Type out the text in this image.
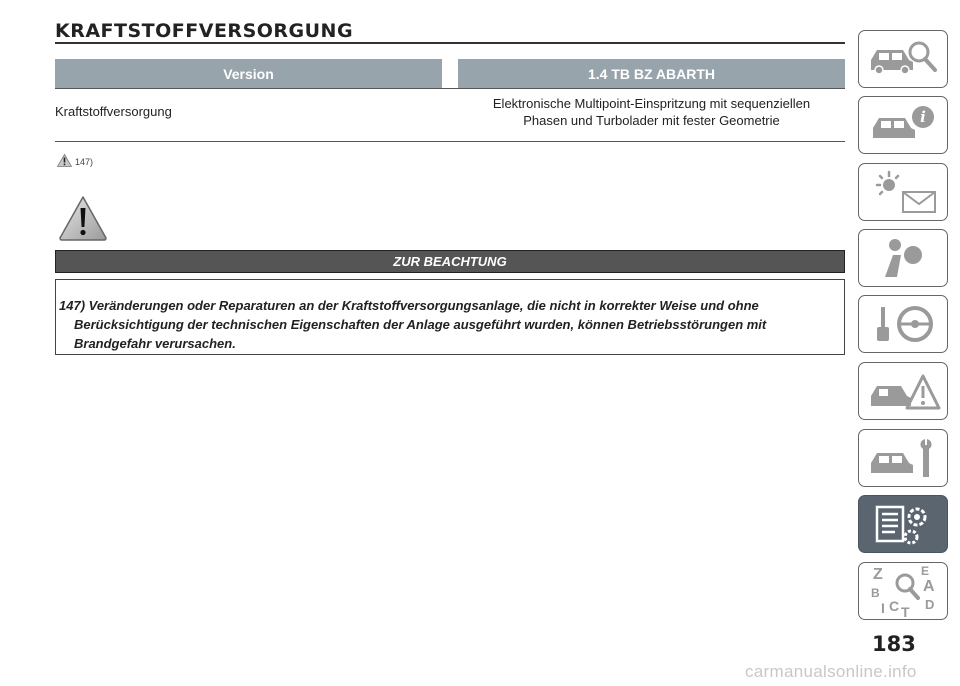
KRAFTSTOFFVERSORGUNG
Version	1.4 TB BZ ABARTH
Kraftstoffversorgung
Elektronische Multipoint-Einspritzung mit sequenziellen
Phasen und Turbolader mit fester Geometrie
147)
ZUR BEACHTUNG
147) Veränderungen oder Reparaturen an der Kraftstoffversorgungsanlage, die nicht in korrekter Weise und ohne
Berücksichtigung der technischen Eigenschaften der Anlage ausgeführt wurden, können Betriebsstörungen mit
Brandgefahr verursachen.
i
Z	E
A
B
C T D
I
183
carmanualsonline.info
